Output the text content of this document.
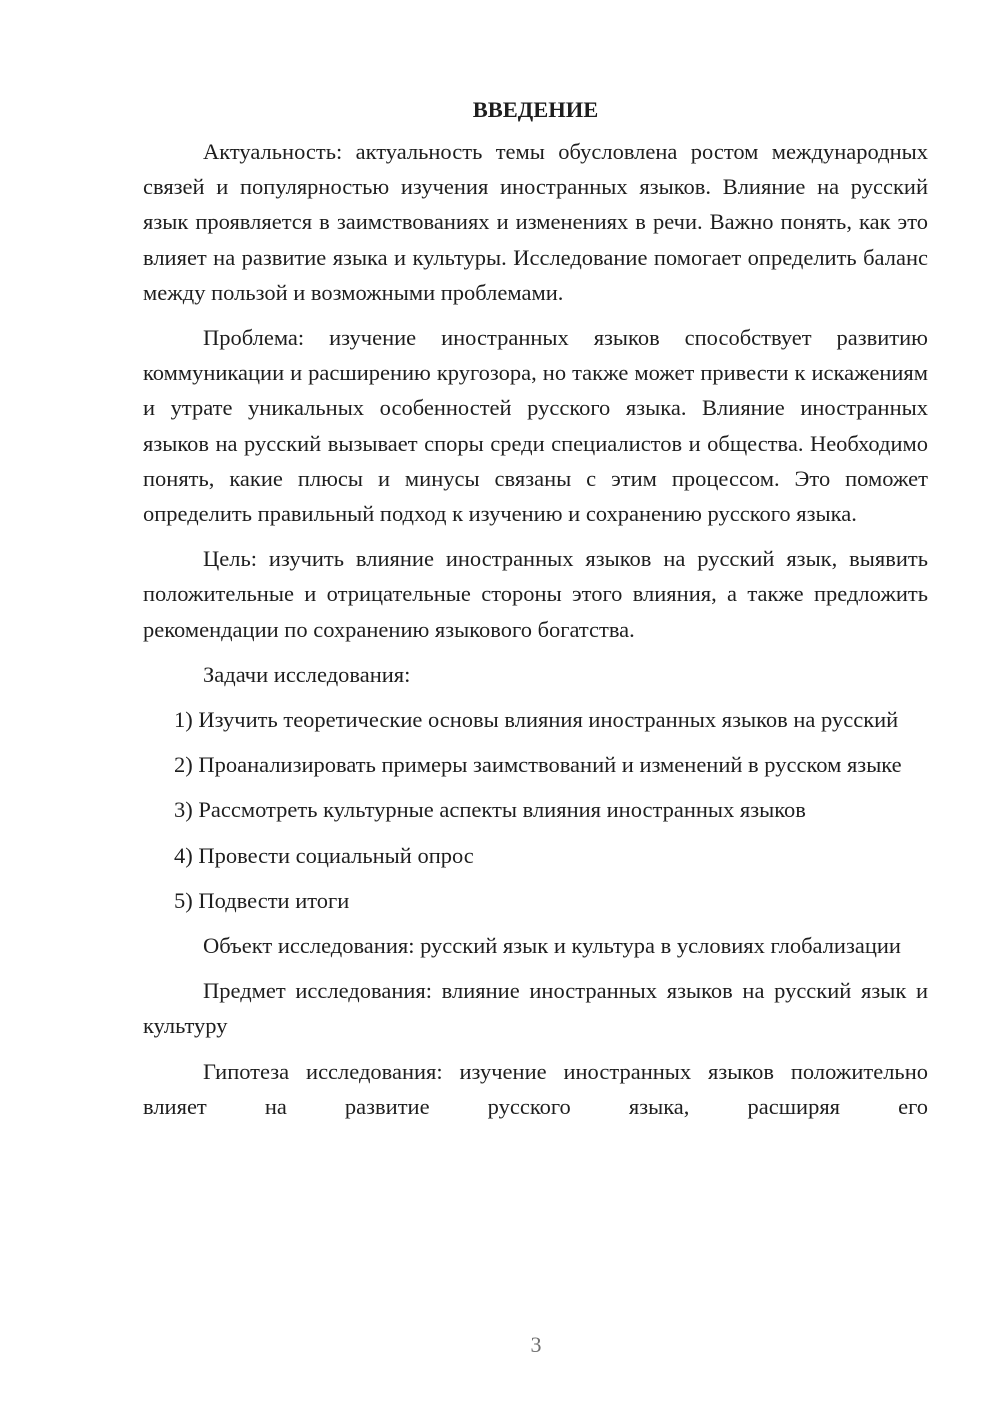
ВВЕДЕНИЕ

Актуальность: актуальность темы обусловлена ростом международных связей и популярностью изучения иностранных языков. Влияние на русский язык проявляется в заимствованиях и изменениях в речи. Важно понять, как это влияет на развитие языка и культуры. Исследование помогает определить баланс между пользой и возможными проблемами.

Проблема: изучение иностранных языков способствует развитию коммуникации и расширению кругозора, но также может привести к искажениям и утрате уникальных особенностей русского языка. Влияние иностранных языков на русский вызывает споры среди специалистов и общества. Необходимо понять, какие плюсы и минусы связаны с этим процессом. Это поможет определить правильный подход к изучению и сохранению русского языка.

Цель: изучить влияние иностранных языков на русский язык, выявить положительные и отрицательные стороны этого влияния, а также предложить рекомендации по сохранению языкового богатства.

Задачи исследования:

1) Изучить теоретические основы влияния иностранных языков на русский

2) Проанализировать примеры заимствований и изменений в русском языке

3) Рассмотреть культурные аспекты влияния иностранных языков

4) Провести социальный опрос

5) Подвести итоги

Объект исследования: русский язык и культура в условиях глобализации

Предмет исследования: влияние иностранных языков на русский язык и культуру

Гипотеза исследования: изучение иностранных языков положительно влияет на развитие русского языка, расширяя его

3
